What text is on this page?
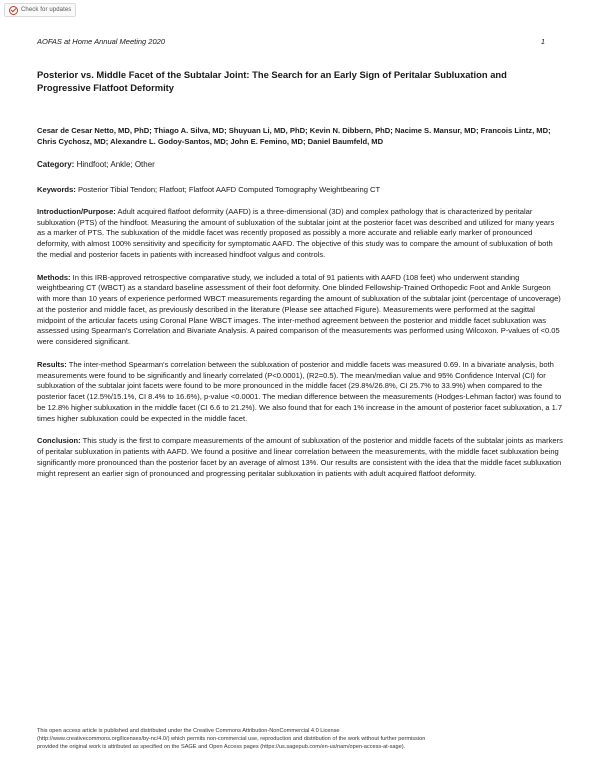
Check for updates
AOFAS at Home Annual Meeting 2020	1
Posterior vs. Middle Facet of the Subtalar Joint: The Search for an Early Sign of Peritalar Subluxation and Progressive Flatfoot Deformity

Cesar de Cesar Netto, MD, PhD; Thiago A. Silva, MD; Shuyuan Li, MD, PhD; Kevin N. Dibbern, PhD; Nacime S. Mansur, MD; Francois Lintz, MD; Chris Cychosz, MD; Alexandre L. Godoy-Santos, MD; John E. Femino, MD; Daniel Baumfeld, MD

Category: Hindfoot; Ankle; Other

Keywords: Posterior Tibial Tendon; Flatfoot; Flatfoot AAFD Computed Tomography Weightbearing CT

Introduction/Purpose: Adult acquired flatfoot deformity (AAFD) is a three-dimensional (3D) and complex pathology that is characterized by peritalar subluxation (PTS) of the hindfoot. Measuring the amount of subluxation of the subtalar joint at the posterior facet was described and utilized for many years as a marker of PTS. The subluxation of the middle facet was recently proposed as possibly a more accurate and reliable early marker of pronounced deformity, with almost 100% sensitivity and specificity for symptomatic AAFD. The objective of this study was to compare the amount of subluxation of both the medial and posterior facets in patients with increased hindfoot valgus and controls.

Methods: In this IRB-approved retrospective comparative study, we included a total of 91 patients with AAFD (108 feet) who underwent standing weightbearing CT (WBCT) as a standard baseline assessment of their foot deformity. One blinded Fellowship-Trained Orthopedic Foot and Ankle Surgeon with more than 10 years of experience performed WBCT measurements regarding the amount of subluxation of the subtalar joint (percentage of uncoverage) at the posterior and middle facet, as previously described in the literature (Please see attached Figure). Measurements were performed at the sagittal midpoint of the articular facets using Coronal Plane WBCT images. The inter-method agreement between the posterior and middle facet subluxation was assessed using Spearman's Correlation and Bivariate Analysis. A paired comparison of the measurements was performed using Wilcoxon. P-values of <0.05 were considered significant.

Results: The inter-method Spearman's correlation between the subluxation of posterior and middle facets was measured 0.69. In a bivariate analysis, both measurements were found to be significantly and linearly correlated (P<0.0001), (R2=0.5). The mean/median value and 95% Confidence Interval (CI) for subluxation of the subtalar joint facets were found to be more pronounced in the middle facet (29.8%/26.8%, CI 25.7% to 33.9%) when compared to the posterior facet (12.5%/15.1%, CI 8.4% to 16.6%), p-value <0.0001. The median difference between the measurements (Hodges-Lehman factor) was found to be 12.8% higher subluxation in the middle facet (CI 6.6 to 21.2%). We also found that for each 1% increase in the amount of posterior facet subluxation, a 1.7 times higher subluxation could be expected in the middle facet.

Conclusion: This study is the first to compare measurements of the amount of subluxation of the posterior and middle facets of the subtalar joints as markers of peritalar subluxation in patients with AAFD. We found a positive and linear correlation between the measurements, with the middle facet subluxation being significantly more pronounced than the posterior facet by an average of almost 13%. Our results are consistent with the idea that the middle facet subluxation might represent an earlier sign of pronounced and progressing peritalar subluxation in patients with adult acquired flatfoot deformity.

This open access article is published and distributed under the Creative Commons Attribution-NonCommercial 4.0 License
(http://www.creativecommons.org/licenses/by-nc/4.0/) which permits non-commercial use, reproduction and distribution of the work without further permission
provided the original work is attributed as specified on the SAGE and Open Access pages (https://us.sagepub.com/en-us/nam/open-access-at-sage).
